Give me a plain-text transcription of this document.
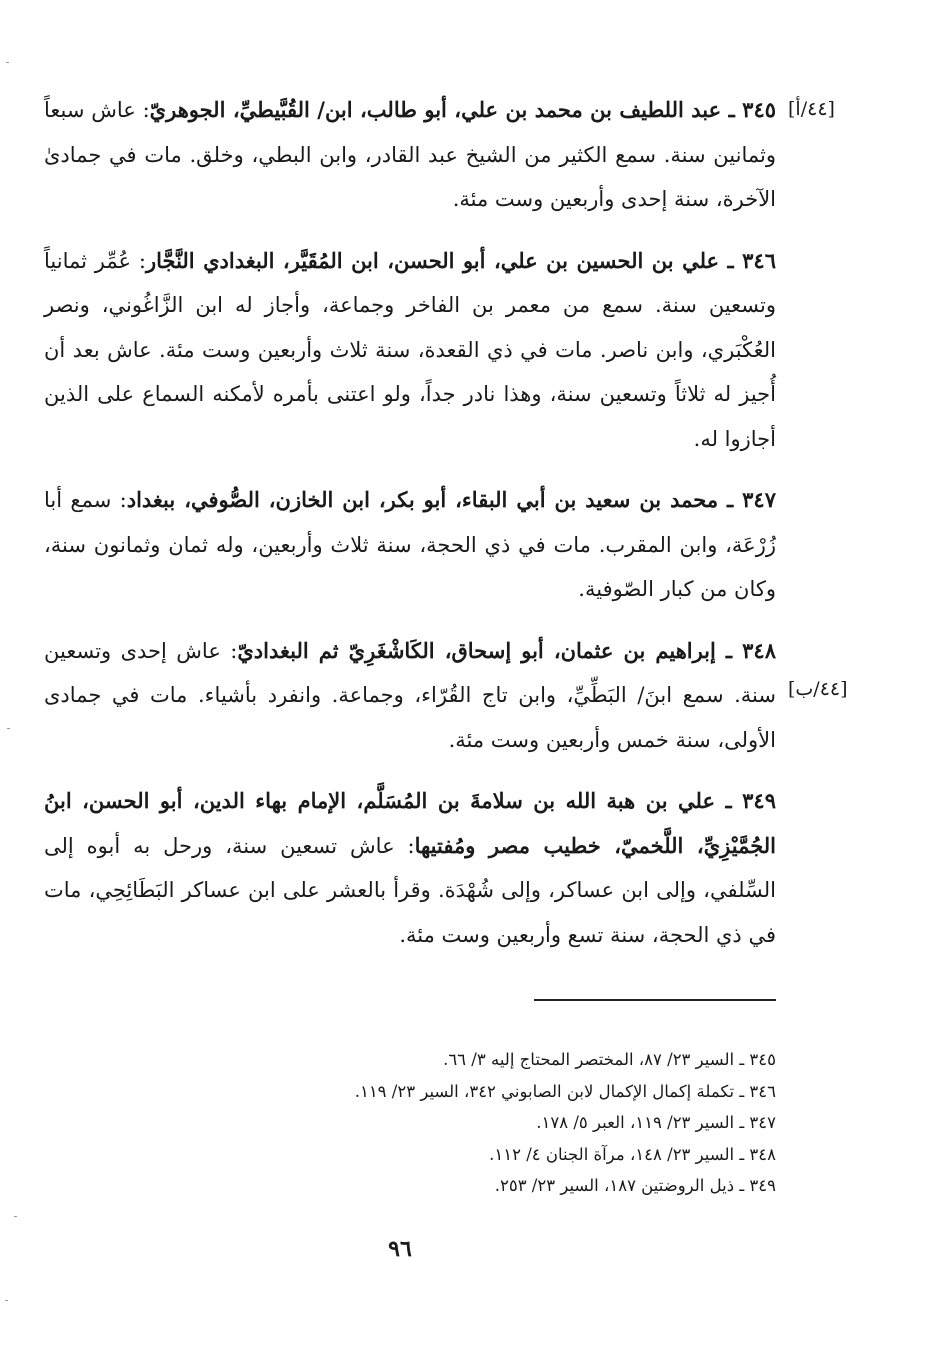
[٤٤/أ]
[٤٤/ب]

٣٤٥ ـ عبد اللطيف بن محمد بن علي، أبو طالب، ابن/ القُبَّيطيِّ، الجوهريّ: عاش سبعاً وثمانين سنة. سمع الكثير من الشيخ عبد القادر، وابن البطي، وخلق. مات في جمادىٰ الآخرة، سنة إحدى وأربعين وست مئة.

٣٤٦ ـ علي بن الحسين بن علي، أبو الحسن، ابن المُقَيَّر، البغدادي النَّجَّار: عُمِّر ثمانياً وتسعين سنة. سمع من معمر بن الفاخر وجماعة، وأجاز له ابن الزَّاغُوني، ونصر العُكْبَري، وابن ناصر. مات في ذي القعدة، سنة ثلاث وأربعين وست مئة. عاش بعد أن أُجيز له ثلاثاً وتسعين سنة، وهذا نادر جداً، ولو اعتنى بأمره لأمكنه السماع على الذين أجازوا له.

٣٤٧ ـ محمد بن سعيد بن أبي البقاء، أبو بكر، ابن الخازن، الصُّوفي، ببغداد: سمع أبا زُرْعَة، وابن المقرب. مات في ذي الحجة، سنة ثلاث وأربعين، وله ثمان وثمانون سنة، وكان من كبار الصّوفية.

٣٤٨ ـ إبراهيم بن عثمان، أبو إسحاق، الكَاشْغَرِيّ ثم البغداديّ: عاش إحدى وتسعين سنة. سمع ابنَ/ البَطِّيِّ، وابن تاج القُرّاء، وجماعة. وانفرد بأشياء. مات في جمادى الأولى، سنة خمس وأربعين وست مئة.

٣٤٩ ـ علي بن هبة الله بن سلامةَ بن المُسَلَّم، الإمام بهاء الدين، أبو الحسن، ابنُ الجُمَّيْزِيِّ، اللَّخميّ، خطيب مصر ومُفتيها: عاش تسعين سنة، ورحل به أبوه إلى السِّلفي، وإلى ابن عساكر، وإلى شُهْدَة. وقرأ بالعشر على ابن عساكر البَطَائِحِي، مات في ذي الحجة، سنة تسع وأربعين وست مئة.

٣٤٥ ـ السير ٢٣/ ٨٧، المختصر المحتاج إليه ٣/ ٦٦.
٣٤٦ ـ تكملة إكمال الإكمال لابن الصابوني ٣٤٢، السير ٢٣/ ١١٩.
٣٤٧ ـ السير ٢٣/ ١١٩، العبر ٥/ ١٧٨.
٣٤٨ ـ السير ٢٣/ ١٤٨، مرآة الجنان ٤/ ١١٢.
٣٤٩ ـ ذيل الروضتين ١٨٧، السير ٢٣/ ٢٥٣.
٩٦
